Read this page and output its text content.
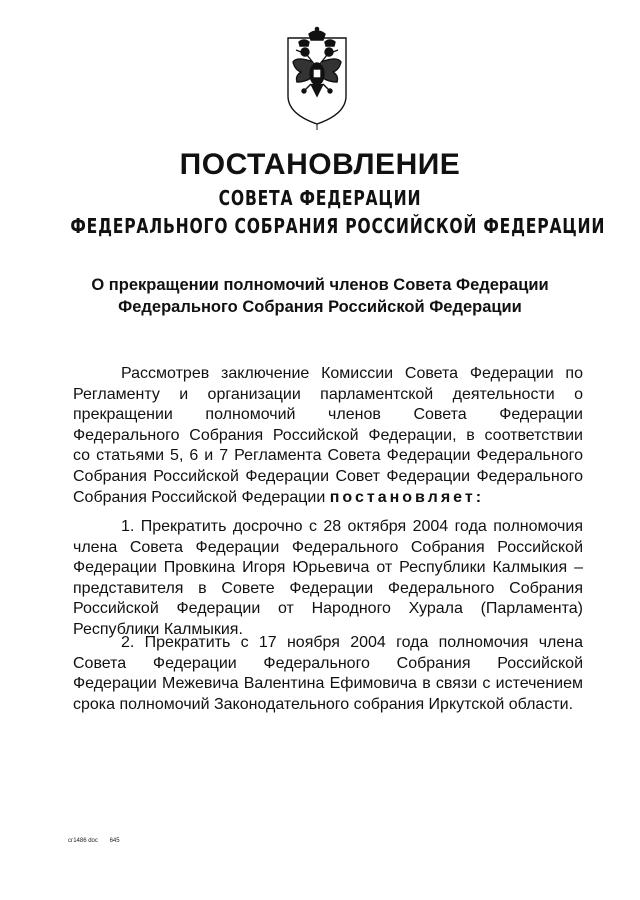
ПОСТАНОВЛЕНИЕ
СОВЕТА ФЕДЕРАЦИИ
ФЕДЕРАЛЬНОГО СОБРАНИЯ РОССИЙСКОЙ ФЕДЕРАЦИИ
О прекращении полномочий членов Совета Федерации
Федерального Собрания Российской Федерации
Рассмотрев заключение Комиссии Совета Федерации по
Регламенту и организации парламентской деятельности о
прекращении полномочий членов Совета Федерации
Федерального Собрания Российской Федерации, в соответствии
со статьями 5, 6 и 7 Регламента Совета Федерации Федерального
Собрания Российской Федерации Совет Федерации Федерального
Собрания Российской Федерации постановляет:
1. Прекратить досрочно с 28 октября 2004 года полномочия
члена Совета Федерации Федерального Собрания Российской
Федерации Провкина Игоря Юрьевича от Республики Калмыкия –
представителя в Совете Федерации Федерального Собрания
Российской Федерации от Народного Хурала (Парламента)
Республики Калмыкия.
2. Прекратить с 17 ноября 2004 года полномочия члена
Совета Федерации Федерального Собрания Российской
Федерации Межевича Валентина Ефимовича в связи с истечением
срока полномочий Законодательного собрания Иркутской области.
сг1486 doc 645
